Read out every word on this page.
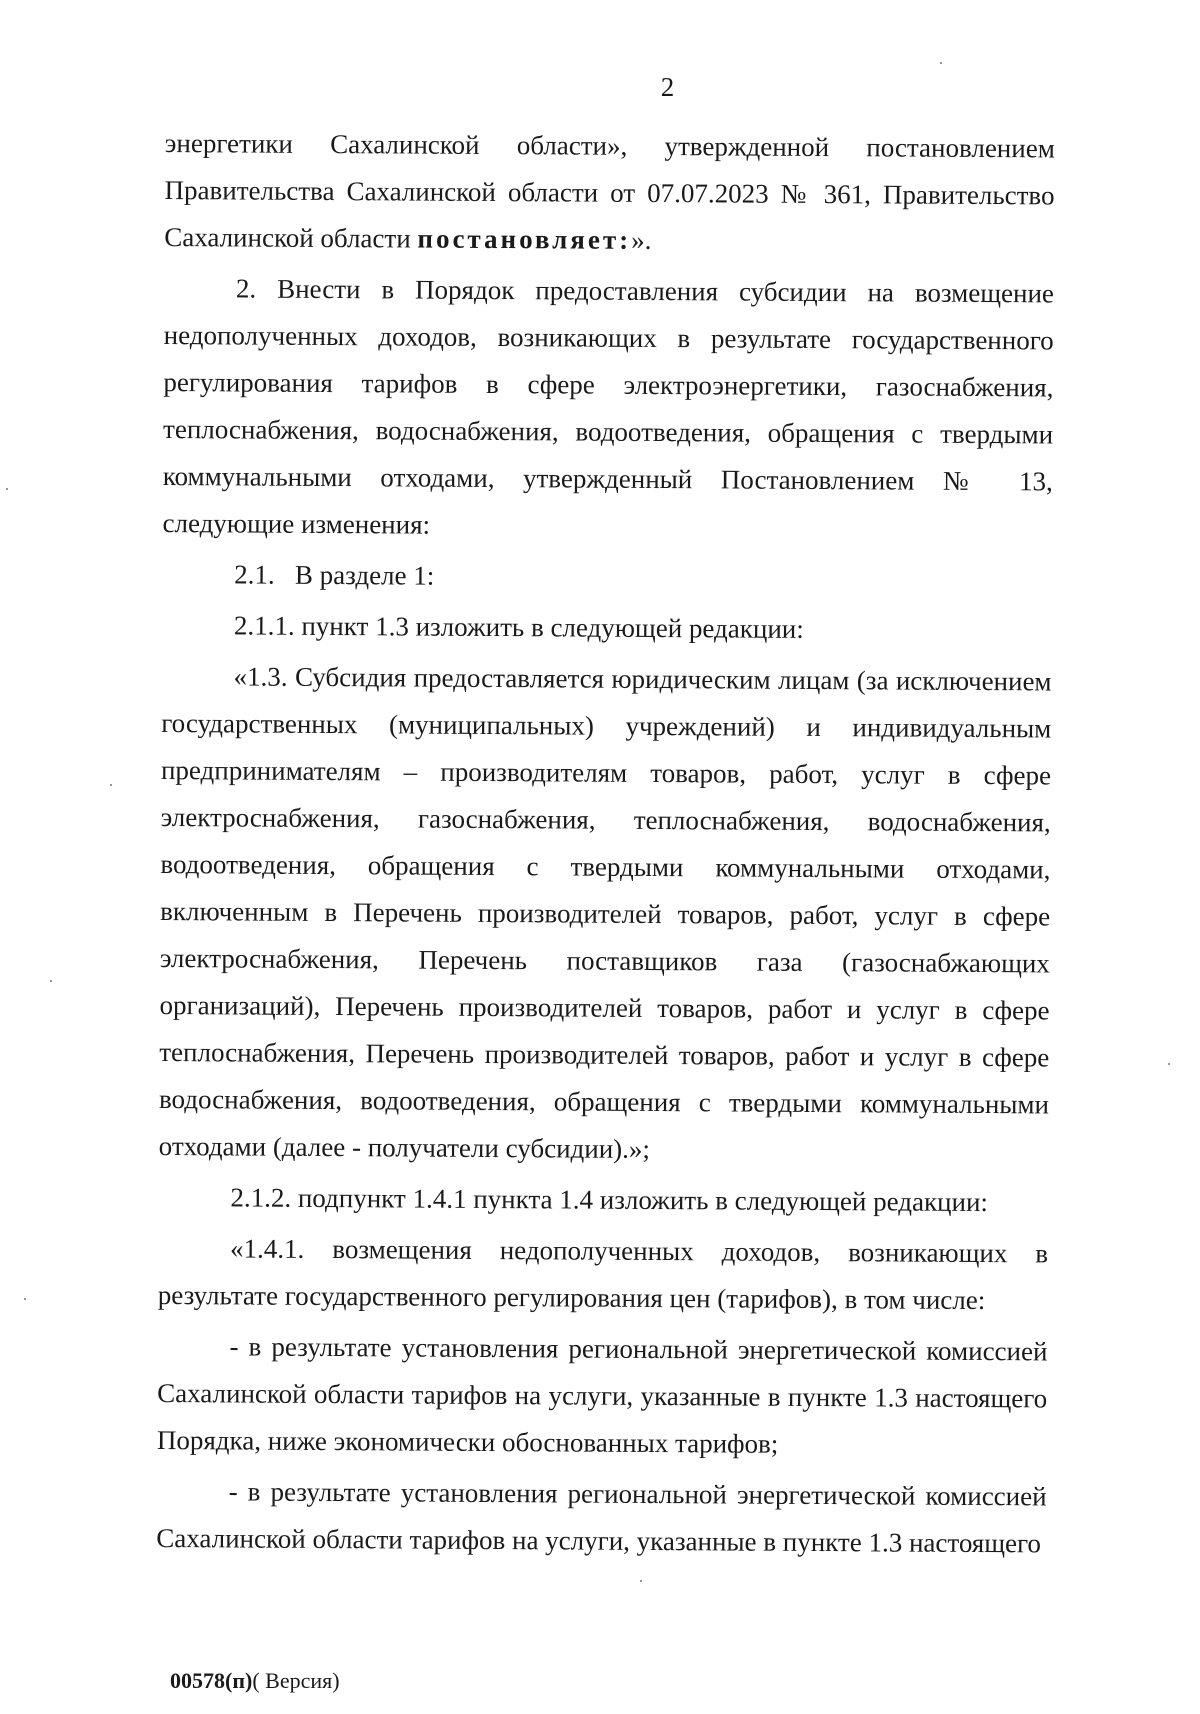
2

энергетики Сахалинской области», утвержденной постановлением Правительства Сахалинской области от 07.07.2023 № 361, Правительство Сахалинской области постановляет:».

2. Внести в Порядок предоставления субсидии на возмещение недополученных доходов, возникающих в результате государственного регулирования тарифов в сфере электроэнергетики, газоснабжения, теплоснабжения, водоснабжения, водоотведения, обращения с твердыми коммунальными отходами, утвержденный Постановлением № 13, следующие изменения:

2.1.   В разделе 1:

2.1.1. пункт 1.3 изложить в следующей редакции:

«1.3. Субсидия предоставляется юридическим лицам (за исключением государственных (муниципальных) учреждений) и индивидуальным предпринимателям – производителям товаров, работ, услуг в сфере электроснабжения, газоснабжения, теплоснабжения, водоснабжения, водоотведения, обращения с твердыми коммунальными отходами, включенным в Перечень производителей товаров, работ, услуг в сфере электроснабжения, Перечень поставщиков газа (газоснабжающих организаций), Перечень производителей товаров, работ и услуг в сфере теплоснабжения, Перечень производителей товаров, работ и услуг в сфере водоснабжения, водоотведения, обращения с твердыми коммунальными отходами (далее - получатели субсидии).»;

2.1.2. подпункт 1.4.1 пункта 1.4 изложить в следующей редакции:

«1.4.1. возмещения недополученных доходов, возникающих в результате государственного регулирования цен (тарифов), в том числе:

- в результате установления региональной энергетической комиссией Сахалинской области тарифов на услуги, указанные в пункте 1.3 настоящего Порядка, ниже экономически обоснованных тарифов;

- в результате установления региональной энергетической комиссией Сахалинской области тарифов на услуги, указанные в пункте 1.3 настоящего

00578(п)( Версия)
